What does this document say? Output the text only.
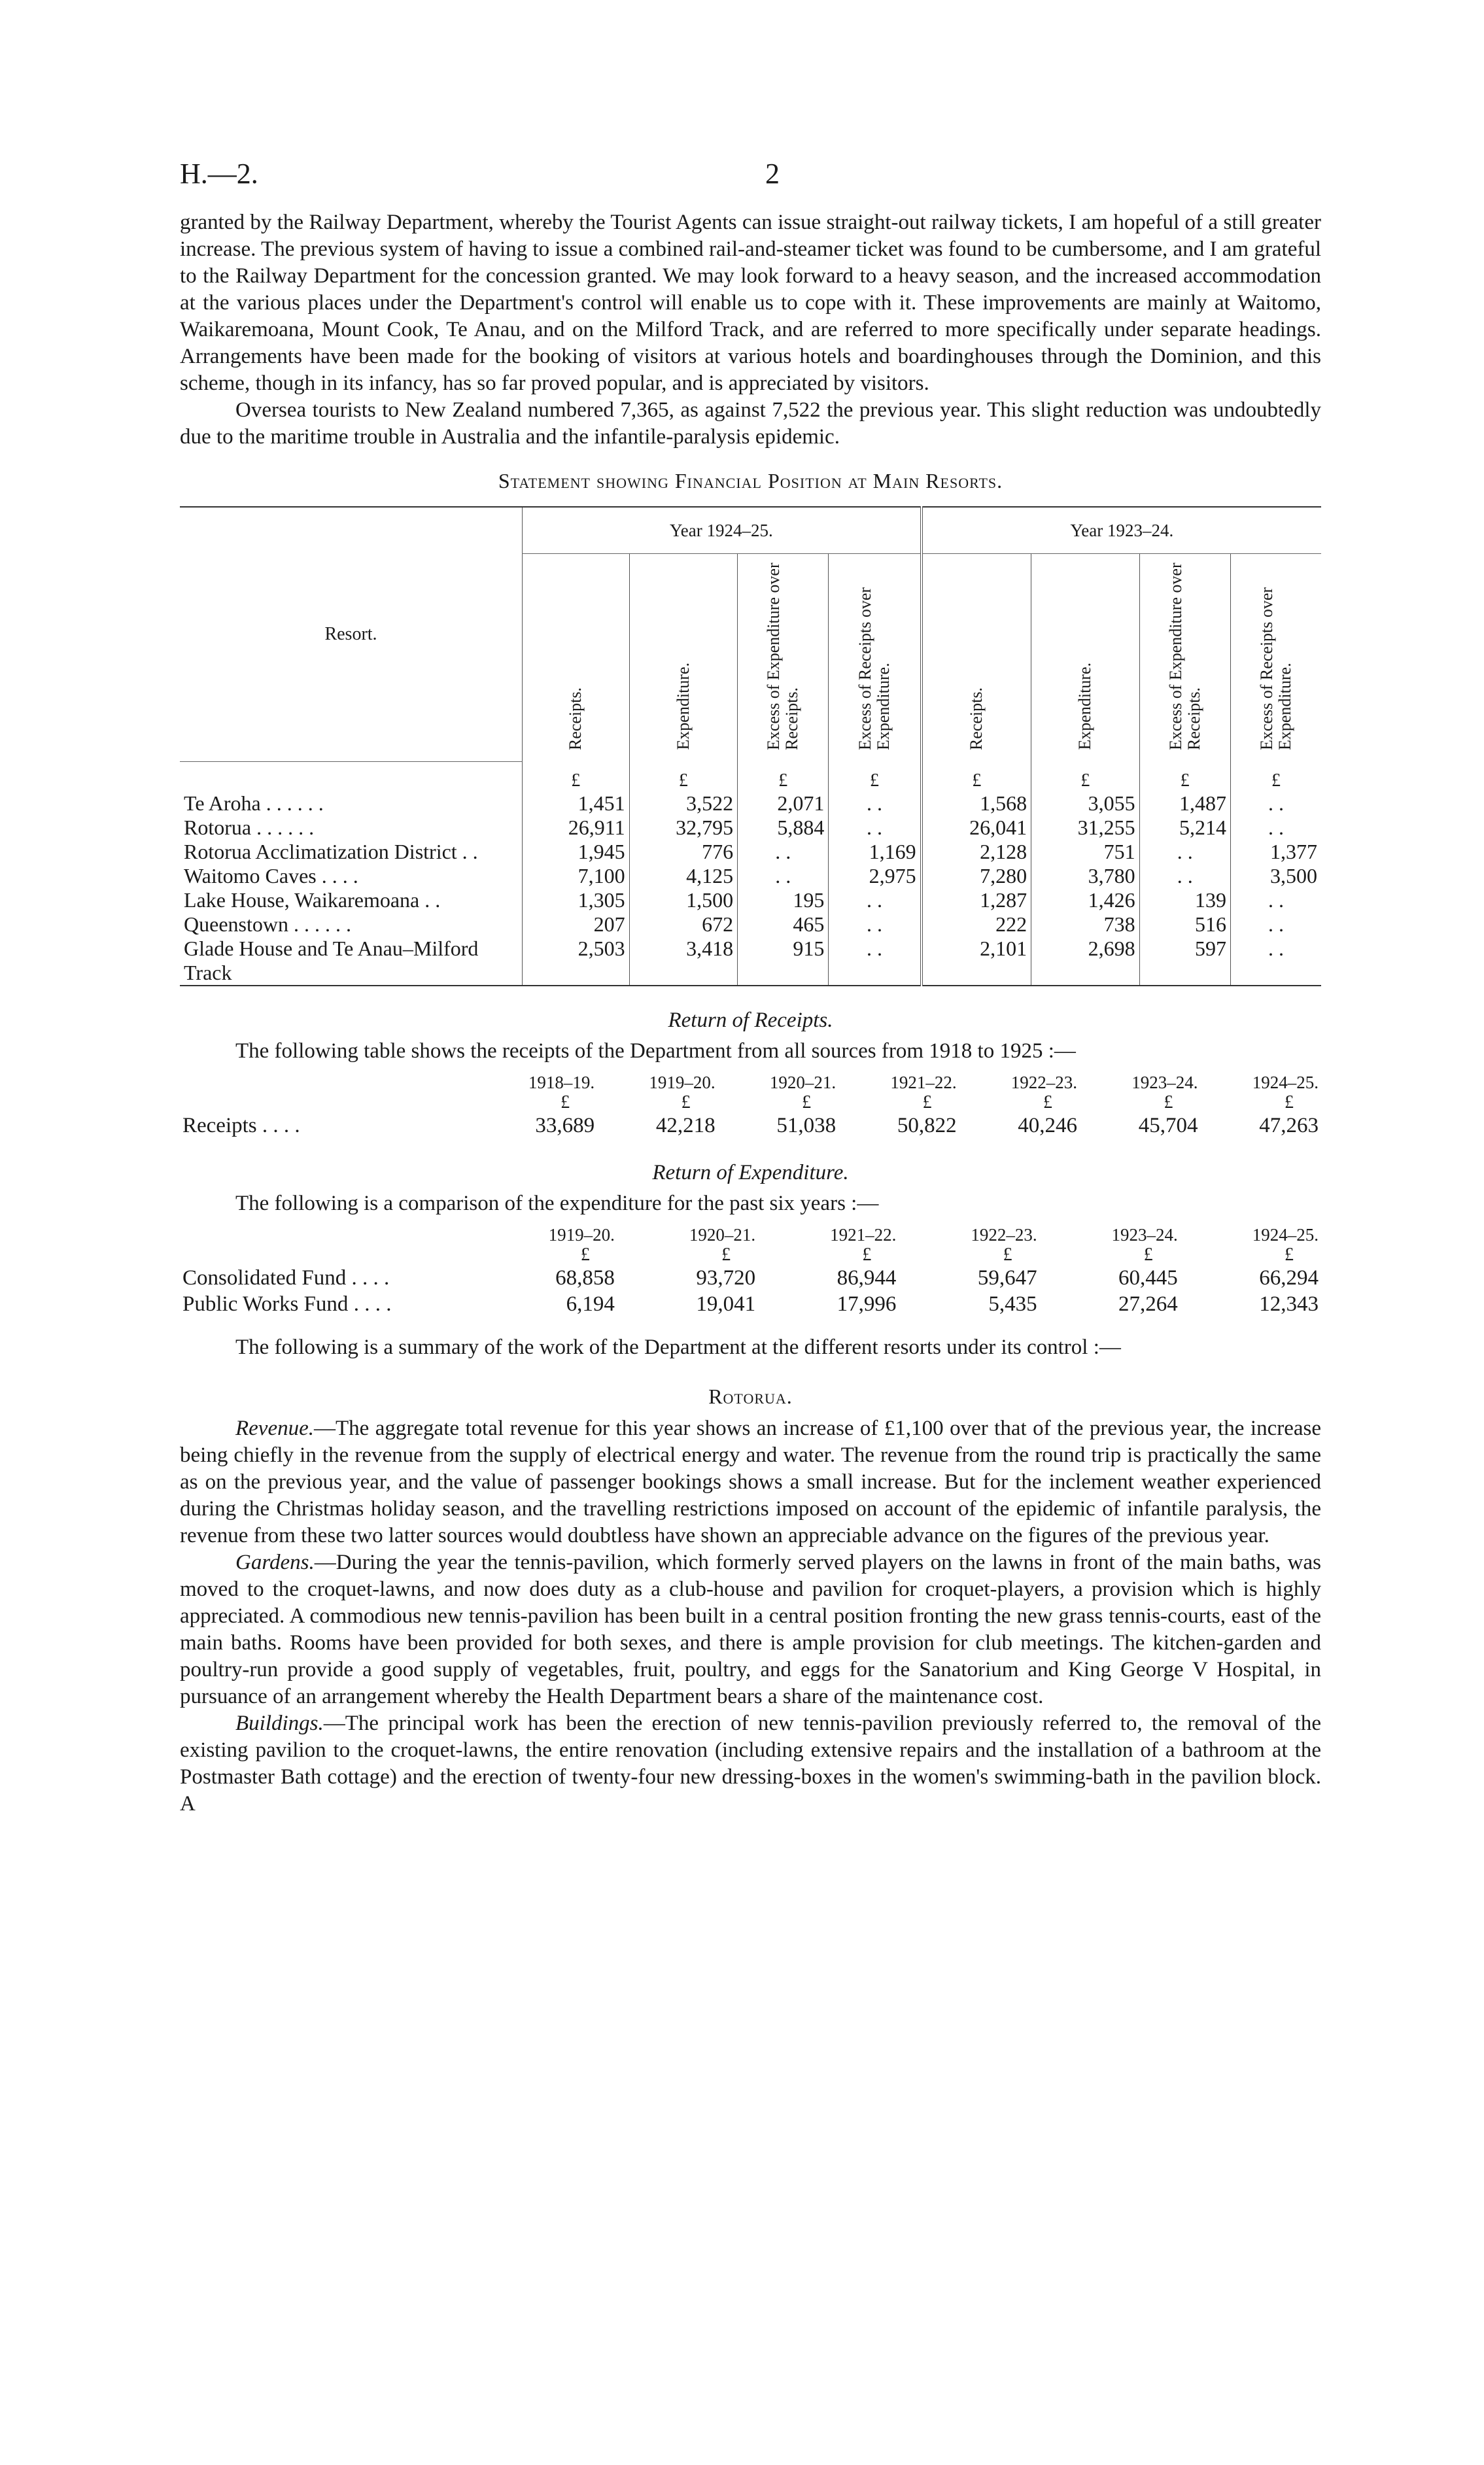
H.—2.	2

granted by the Railway Department, whereby the Tourist Agents can issue straight-out railway tickets, I am hopeful of a still greater increase. The previous system of having to issue a combined rail-and-steamer ticket was found to be cumbersome, and I am grateful to the Railway Department for the concession granted. We may look forward to a heavy season, and the increased accommodation at the various places under the Department's control will enable us to cope with it. These improvements are mainly at Waitomo, Waikaremoana, Mount Cook, Te Anau, and on the Milford Track, and are referred to more specifically under separate headings. Arrangements have been made for the booking of visitors at various hotels and boardinghouses through the Dominion, and this scheme, though in its infancy, has so far proved popular, and is appreciated by visitors.

Oversea tourists to New Zealand numbered 7,365, as against 7,522 the previous year. This slight reduction was undoubtedly due to the maritime trouble in Australia and the infantile-paralysis epidemic.

Statement showing Financial Position at Main Resorts.
Resort.	Year 1924–25.				Year 1923–24.			
	Receipts.	Expenditure.	Excess of Expenditure over Receipts.	Excess of Receipts over Expenditure.	Receipts.	Expenditure.	Excess of Expenditure over Receipts.	Excess of Receipts over Expenditure.
	£	£	£	£	£	£	£	£
Te Aroha . . . . . .	1,451	3,522	2,071	. .	1,568	3,055	1,487	. .
Rotorua . . . . . .	26,911	32,795	5,884	. .	26,041	31,255	5,214	. .
Rotorua Acclimatization District . .	1,945	776	. .	1,169	2,128	751	. .	1,377
Waitomo Caves . . . .	7,100	4,125	. .	2,975	7,280	3,780	. .	3,500
Lake House, Waikaremoana . .	1,305	1,500	195	. .	1,287	1,426	139	. .
Queenstown . . . . . .	207	672	465	. .	222	738	516	. .
Glade House and Te Anau–Milford Track	2,503	3,418	915	. .	2,101	2,698	597	. .
Return of Receipts.

The following table shows the receipts of the Department from all sources from 1918 to 1925 :—

	1918–19.	1919–20.	1920–21.	1921–22.	1922–23.	1923–24.	1924–25.
	£	£	£	£	£	£	£
Receipts . . . .	33,689	42,218	51,038	50,822	40,246	45,704	47,263
Return of Expenditure.

The following is a comparison of the expenditure for the past six years :—

	1919–20.	1920–21.	1921–22.	1922–23.	1923–24.	1924–25.
	£	£	£	£	£	£
Consolidated Fund . . . .	68,858	93,720	86,944	59,647	60,445	66,294
Public Works Fund . . . .	6,194	19,041	17,996	5,435	27,264	12,343

The following is a summary of the work of the Department at the different resorts under its control :—

Rotorua.

Revenue.—The aggregate total revenue for this year shows an increase of £1,100 over that of the previous year, the increase being chiefly in the revenue from the supply of electrical energy and water. The revenue from the round trip is practically the same as on the previous year, and the value of passenger bookings shows a small increase. But for the inclement weather experienced during the Christmas holiday season, and the travelling restrictions imposed on account of the epidemic of infantile paralysis, the revenue from these two latter sources would doubtless have shown an appreciable advance on the figures of the previous year.

Gardens.—During the year the tennis-pavilion, which formerly served players on the lawns in front of the main baths, was moved to the croquet-lawns, and now does duty as a club-house and pavilion for croquet-players, a provision which is highly appreciated. A commodious new tennis-pavilion has been built in a central position fronting the new grass tennis-courts, east of the main baths. Rooms have been provided for both sexes, and there is ample provision for club meetings. The kitchen-garden and poultry-run provide a good supply of vegetables, fruit, poultry, and eggs for the Sanatorium and King George V Hospital, in pursuance of an arrangement whereby the Health Department bears a share of the maintenance cost.

Buildings.—The principal work has been the erection of new tennis-pavilion previously referred to, the removal of the existing pavilion to the croquet-lawns, the entire renovation (including extensive repairs and the installation of a bathroom at the Postmaster Bath cottage) and the erection of twenty-four new dressing-boxes in the women's swimming-bath in the pavilion block. A
